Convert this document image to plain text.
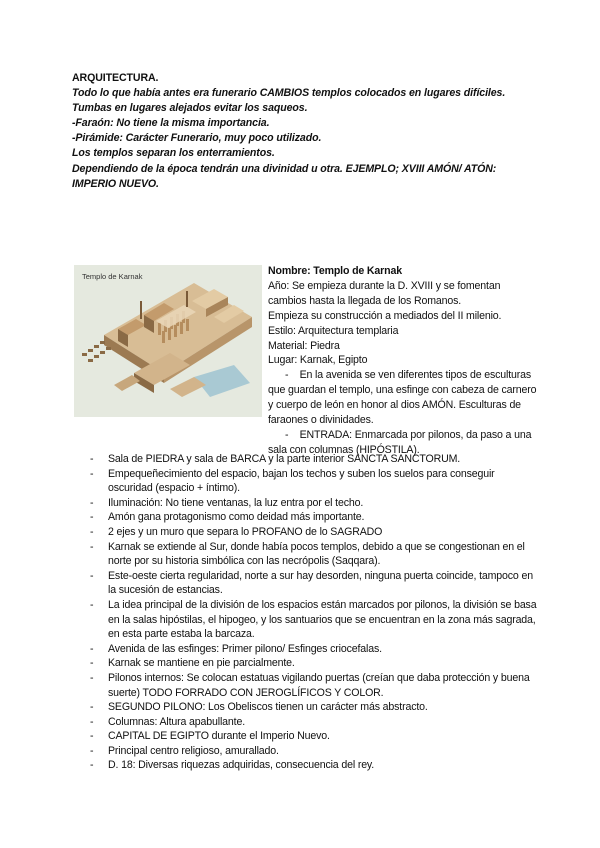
ARQUITECTURA.
Todo lo que había antes era funerario CAMBIOS templos colocados en lugares difíciles.
Tumbas en lugares alejados evitar los saqueos.
-Faraón: No tiene la misma importancia.
-Pirámide: Carácter Funerario, muy poco utilizado.
Los templos separan los enterramientos.
Dependiendo de la época tendrán una divinidad u otra. EJEMPLO; XVIII AMÓN/ ATÓN: IMPERIO NUEVO.
Templo de Karnak	Nombre: Templo de Karnak
Año: Se empieza durante la D. XVIII y se fomentan cambios hasta la llegada de los Romanos.
Empieza su construcción a mediados del II milenio.
Estilo: Arquitectura templaria
Material: Piedra
Lugar: Karnak, Egipto
- En la avenida se ven diferentes tipos de esculturas que guardan el templo, una esfinge con cabeza de carnero y cuerpo de león en honor al dios AMÓN. Esculturas de faraones o divinidades.
- ENTRADA: Enmarcada por pilonos, da paso a una sala con columnas (HIPÓSTILA).
- Sala de PIEDRA y sala de BARCA y la parte interior SANCTA SANCTORUM.
- Empequeñecimiento del espacio, bajan los techos y suben los suelos para conseguir oscuridad (espacio + íntimo).
- Iluminación: No tiene ventanas, la luz entra por el techo.
- Amón gana protagonismo como deidad más importante.
- 2 ejes y un muro que separa lo PROFANO de lo SAGRADO
- Karnak se extiende al Sur, donde había pocos templos, debido a que se congestionan en el norte por su historia simbólica con las necrópolis (Saqqara).
- Este-oeste cierta regularidad, norte a sur hay desorden, ninguna puerta coincide, tampoco en la sucesión de estancias.
- La idea principal de la división de los espacios están marcados por pilonos, la división se basa en la salas hipóstilas, el hipogeo, y los santuarios que se encuentran en la zona más sagrada, en esta parte estaba la barcaza.
- Avenida de las esfinges: Primer pilono/ Esfinges criocefalas.
- Karnak se mantiene en pie parcialmente.
- Pilonos internos: Se colocan estatuas vigilando puertas (creían que daba protección y buena suerte) TODO FORRADO CON JEROGLÍFICOS Y COLOR.
- SEGUNDO PILONO: Los Obeliscos tienen un carácter más abstracto.
- Columnas: Altura apabullante.
- CAPITAL DE EGIPTO durante el Imperio Nuevo.
- Principal centro religioso, amurallado.
- D. 18: Diversas riquezas adquiridas, consecuencia del rey.
